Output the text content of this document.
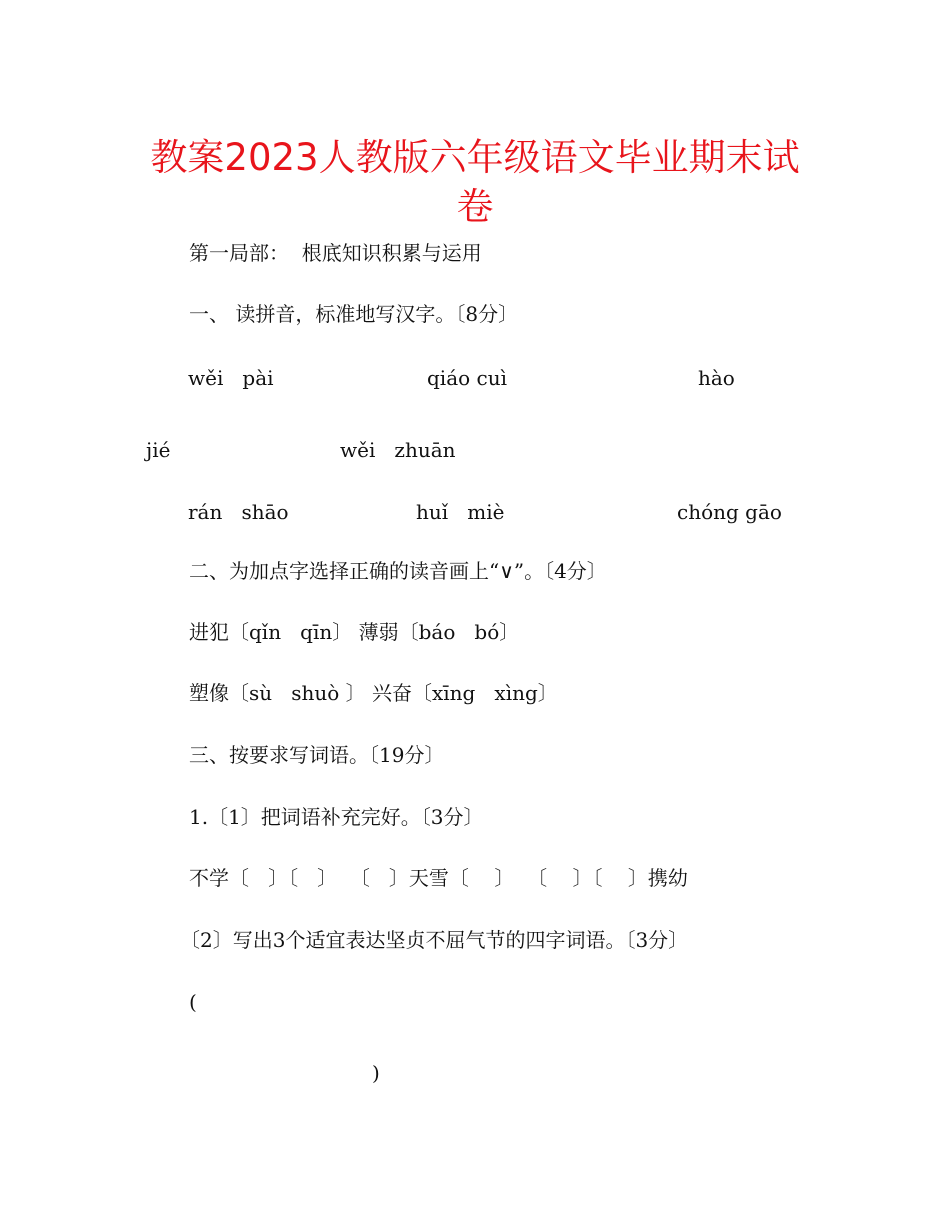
教案2023人教版六年级语文毕业期末试
卷
第一局部：  根底知识积累与运用
一、 读拼音，标准地写汉字。〔8分〕

wěi   pài

	qiáo cuì

	hào

jié

	wěi   zhuān

rán   shāo

	huǐ   miè

	chóng gāo

二、为加点字选择正确的读音画上“∨”。〔4分〕
进犯〔qǐn   qīn〕 薄弱〔báo   bó〕
塑像〔sù   shuò 〕 兴奋〔xīng   xìng〕
三、按要求写词语。〔19分〕
1.〔1〕把词语补充完好。〔3分〕
不学〔   〕〔   〕  〔   〕天雪〔    〕  〔    〕〔    〕携幼
〔2〕写出3个适宜表达坚贞不屈气节的四字词语。〔3分〕
(
)
